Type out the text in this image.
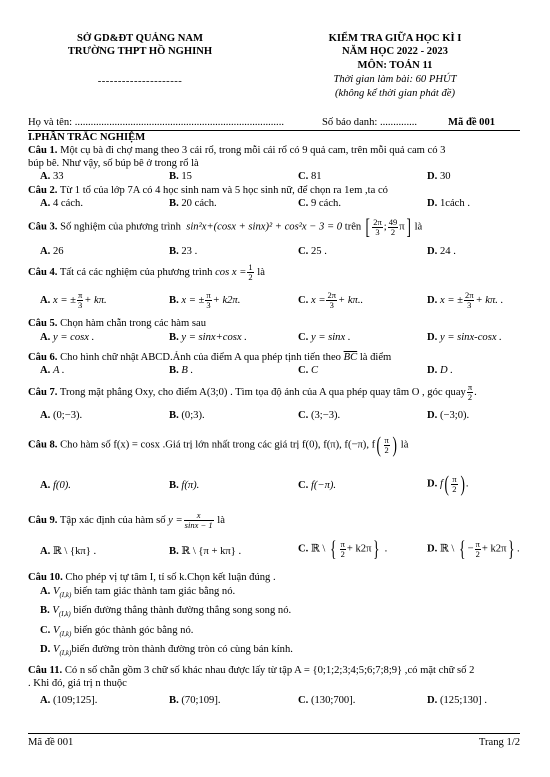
SỞ GD&ĐT QUẢNG NAM
TRƯỜNG THPT HỒ NGHINH
---------------------
KIỂM TRA GIỮA HỌC KÌ I
NĂM HỌC 2022 - 2023
MÔN: TOÁN 11
Thời gian làm bài: 60 PHÚT
(không kể thời gian phát đề)
Họ và tên: ...............................................................................	Số báo danh: ..............	Mã đề 001
I.PHẦN TRẮC NGHIỆM
Câu 1. Một cụ bà đi chợ mang theo 3 cái rổ, trong mỗi cái rổ có 9 quả cam, trên mỗi quả cam có 3
búp bê. Như vậy, số búp bê ở trong rổ là
A. 33	B. 15	C. 81	D. 30
Câu 2. Từ 1 tổ của lớp 7A có 4 học sinh nam và 5 học sinh nữ, để chọn ra 1em ,ta có
A. 4 cách.	B. 20 cách.	C. 9 cách.	D. 1cách .
Câu 3. Số nghiệm của phương trình sin²x+(cosx + sinx)² + cos²x − 3 = 0 trên [ $\frac{2\pi}{3}$ ; $\frac{49}{2} \pi$] là
A. 26	B. 23 .	C. 25 .	D. 24 .
Câu 4. Tất cả các nghiệm của phương trình $\cos x = \frac{1}{2}$ là
A. x = ± $\frac{\pi}{3} + k\pi$.	B. x = ± $\frac{\pi}{3} + k2\pi$.	C. $x = \frac{2\pi}{3} + k\pi$..	D. x = ± $\frac{2\pi}{3} + k\pi$. .
Câu 5. Chọn hàm chẵn trong các hàm sau
A. y = cosx .	B. y = sinx+cosx .	C. y = sinx .	D. y = sinx-cosx .
Câu 6. Cho hình chữ nhật ABCD.Ảnh của điểm A qua phép tịnh tiến theo $\overline{BC}$ là điểm
A. A .	B. B .	C. C	D. D .
Câu 7. Trong mặt phẳng Oxy, cho điểm A(3;0) . Tìm tọa độ ảnh của A qua phép quay tâm O , góc quay $\frac{\pi}{2}$ .
A. (0;−3).	B. (0;3).	C. (3;−3).	D. (−3;0).
Câu 8. Cho hàm số f(x) = cosx .Giá trị lớn nhất trong các giá trị f(0), f(π), f(−π), $f( \frac{\pi}{2}$ ) là
A. f(0).	B. f(π).	C. f(−π).	D. $f( \frac{\pi}{2}$ ).
Câu 9. Tập xác định của hàm số $y = \frac{x}{\sin x - 1}$ là
A. ℝ \ {kπ} .	B. ℝ \ {π + kπ} .	C. ℝ \ { $\frac{\pi}{2} + k2\pi$} .	D. ℝ \ { − $\frac{\pi}{2} + k2\pi$} .
Câu 10. Cho phép vị tự tâm I, tỉ số k.Chọn kết luận đúng .
A. $V_{(I,k)}$ biến tam giác thành tam giác bằng nó.
B. $V_{(I,k)}$ biến đường thẳng thành đường thẳng song song nó.
C. $V_{(I,k)}$ biến góc thành góc bằng nó.
D. $V_{(I,k)}biến$ đường tròn thành đường tròn có cùng bán kính.
Câu 11. Có n số chẵn gồm 3 chữ số khác nhau được lấy từ tập A = {0;1;2;3;4;5;6;7;8;9} ,có mặt chữ số 2
. Khi đó, giá trị n thuộc
A. (109;125].	B. (70;109].	C. (130;700].	D. (125;130] .
Mã đề 001	Trang 1/2
